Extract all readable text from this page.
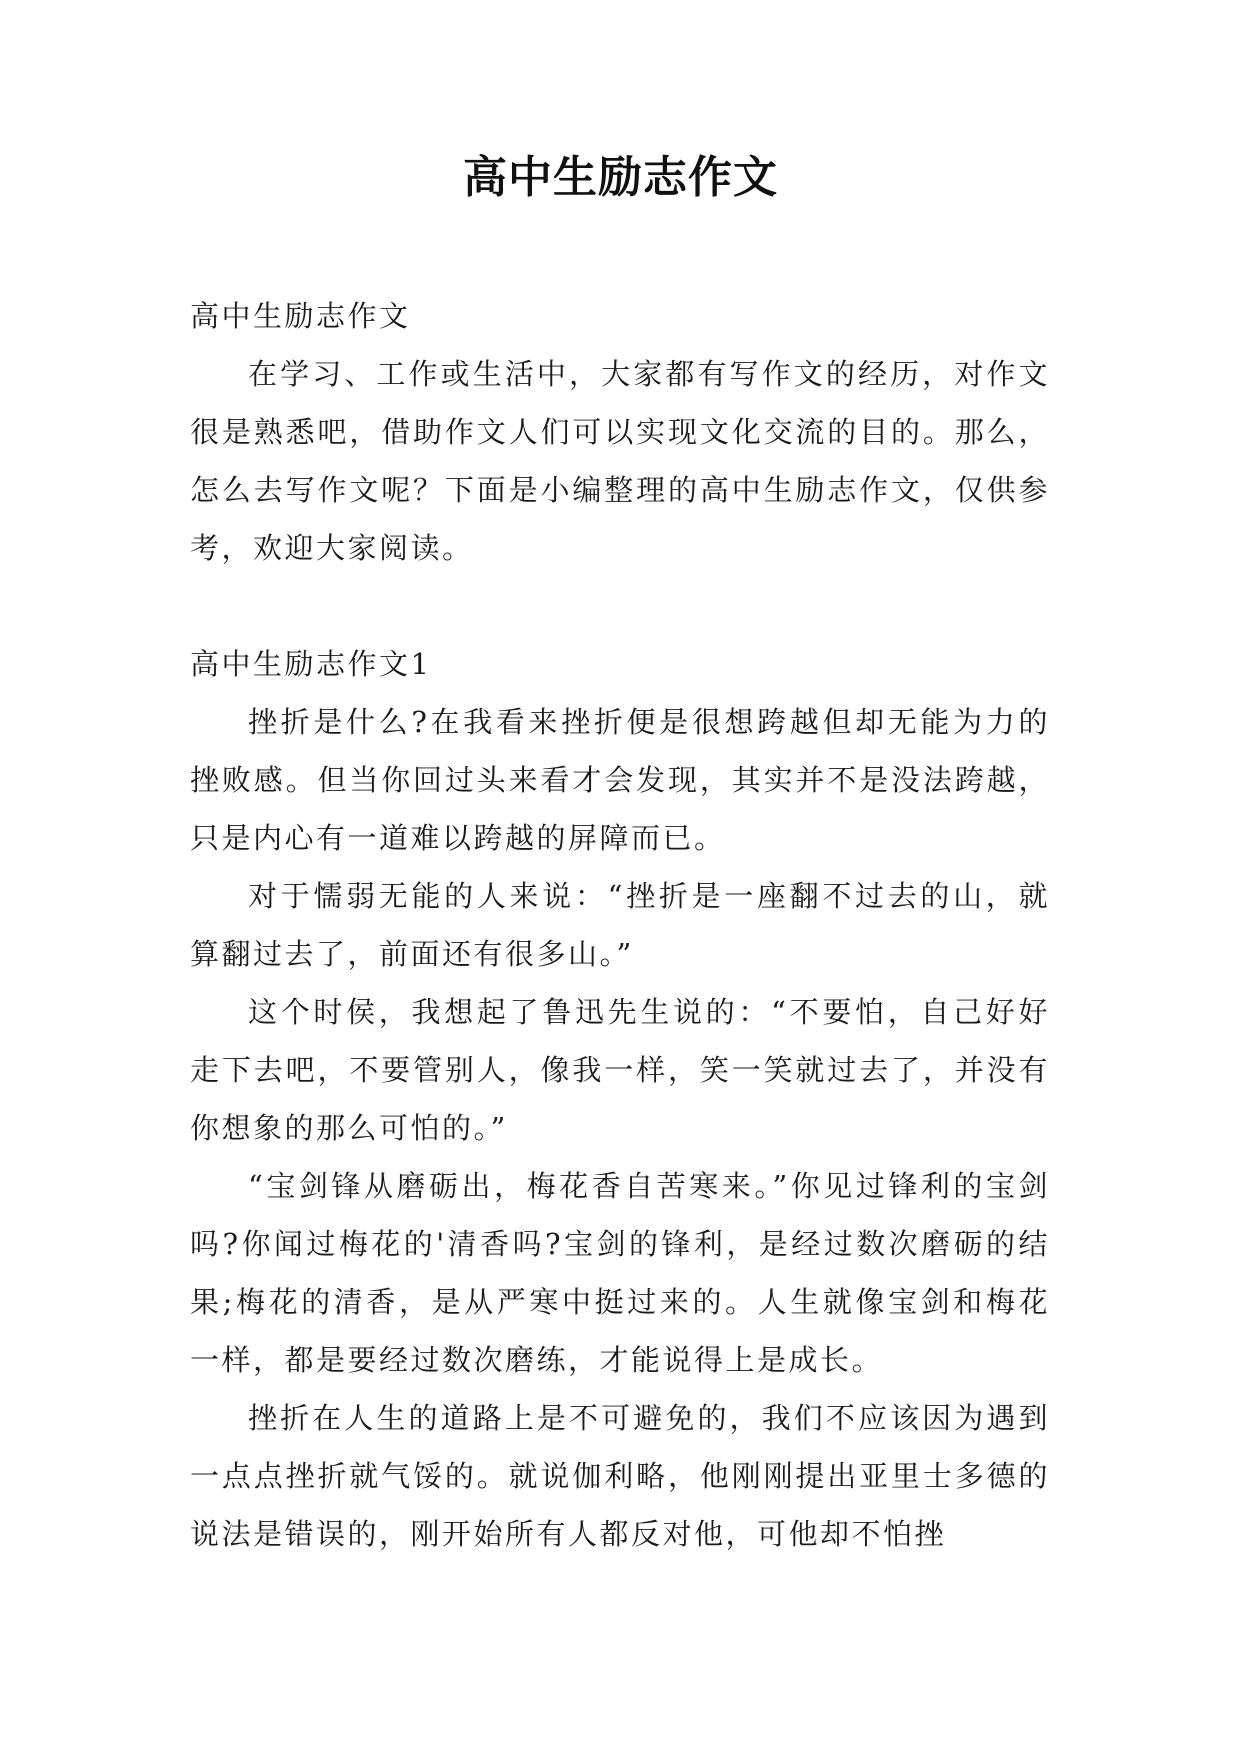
高中生励志作文

高中生励志作文

在学习、工作或生活中，大家都有写作文的经历，对作文很是熟悉吧，借助作文人们可以实现文化交流的目的。那么，怎么去写作文呢？下面是小编整理的高中生励志作文，仅供参考，欢迎大家阅读。

高中生励志作文1

挫折是什么?在我看来挫折便是很想跨越但却无能为力的挫败感。但当你回过头来看才会发现，其实并不是没法跨越，只是内心有一道难以跨越的屏障而已。

对于懦弱无能的人来说：“挫折是一座翻不过去的山，就算翻过去了，前面还有很多山。”

这个时侯，我想起了鲁迅先生说的：“不要怕，自己好好走下去吧，不要管别人，像我一样，笑一笑就过去了，并没有你想象的那么可怕的。”

“宝剑锋从磨砺出，梅花香自苦寒来。”你见过锋利的宝剑吗?你闻过梅花的'清香吗?宝剑的锋利，是经过数次磨砺的结果;梅花的清香，是从严寒中挺过来的。人生就像宝剑和梅花一样，都是要经过数次磨练，才能说得上是成长。

挫折在人生的道路上是不可避免的，我们不应该因为遇到一点点挫折就气馁的。就说伽利略，他刚刚提出亚里士多德的说法是错误的，刚开始所有人都反对他，可他却不怕挫
